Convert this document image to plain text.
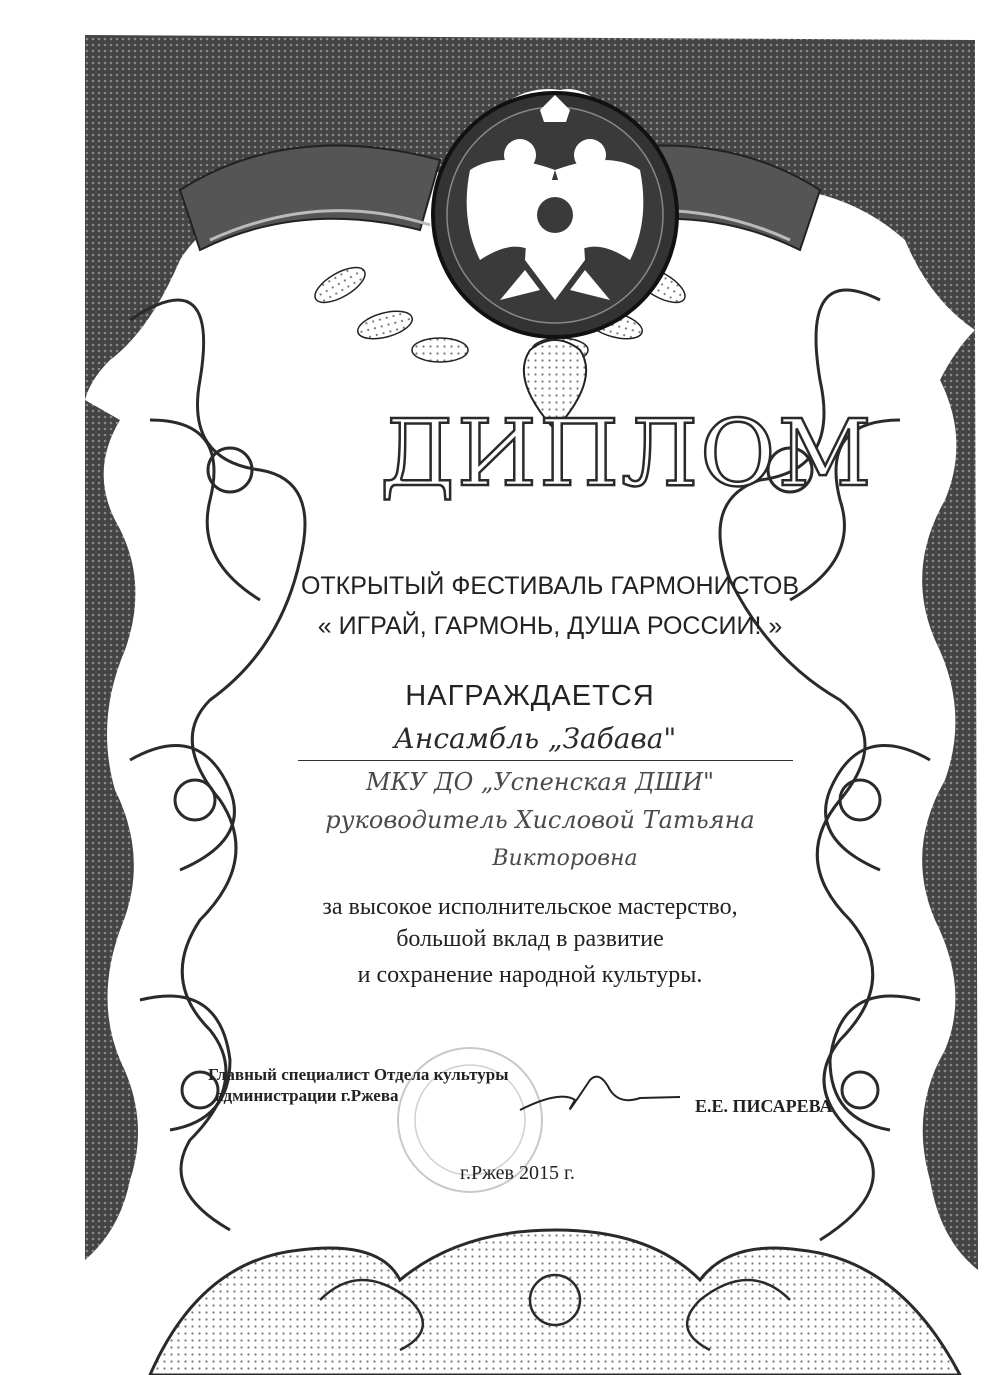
ДИПЛОМ
ОТКРЫТЫЙ ФЕСТИВАЛЬ ГАРМОНИСТОВ
« ИГРАЙ, ГАРМОНЬ, ДУША РОССИИ! »
НАГРАЖДАЕТСЯ
Ансамбль „Забава"
МКУ ДО „Успенская ДШИ"
руководитель Хисловой Татьяна
Викторовна
за высокое исполнительское мастерство,
большой вклад в развитие
и сохранение народной культуры.
Главный специалист Отдела культуры
администрации г.Ржева
Е.Е. ПИСАРЕВА
г.Ржев 2015 г.
